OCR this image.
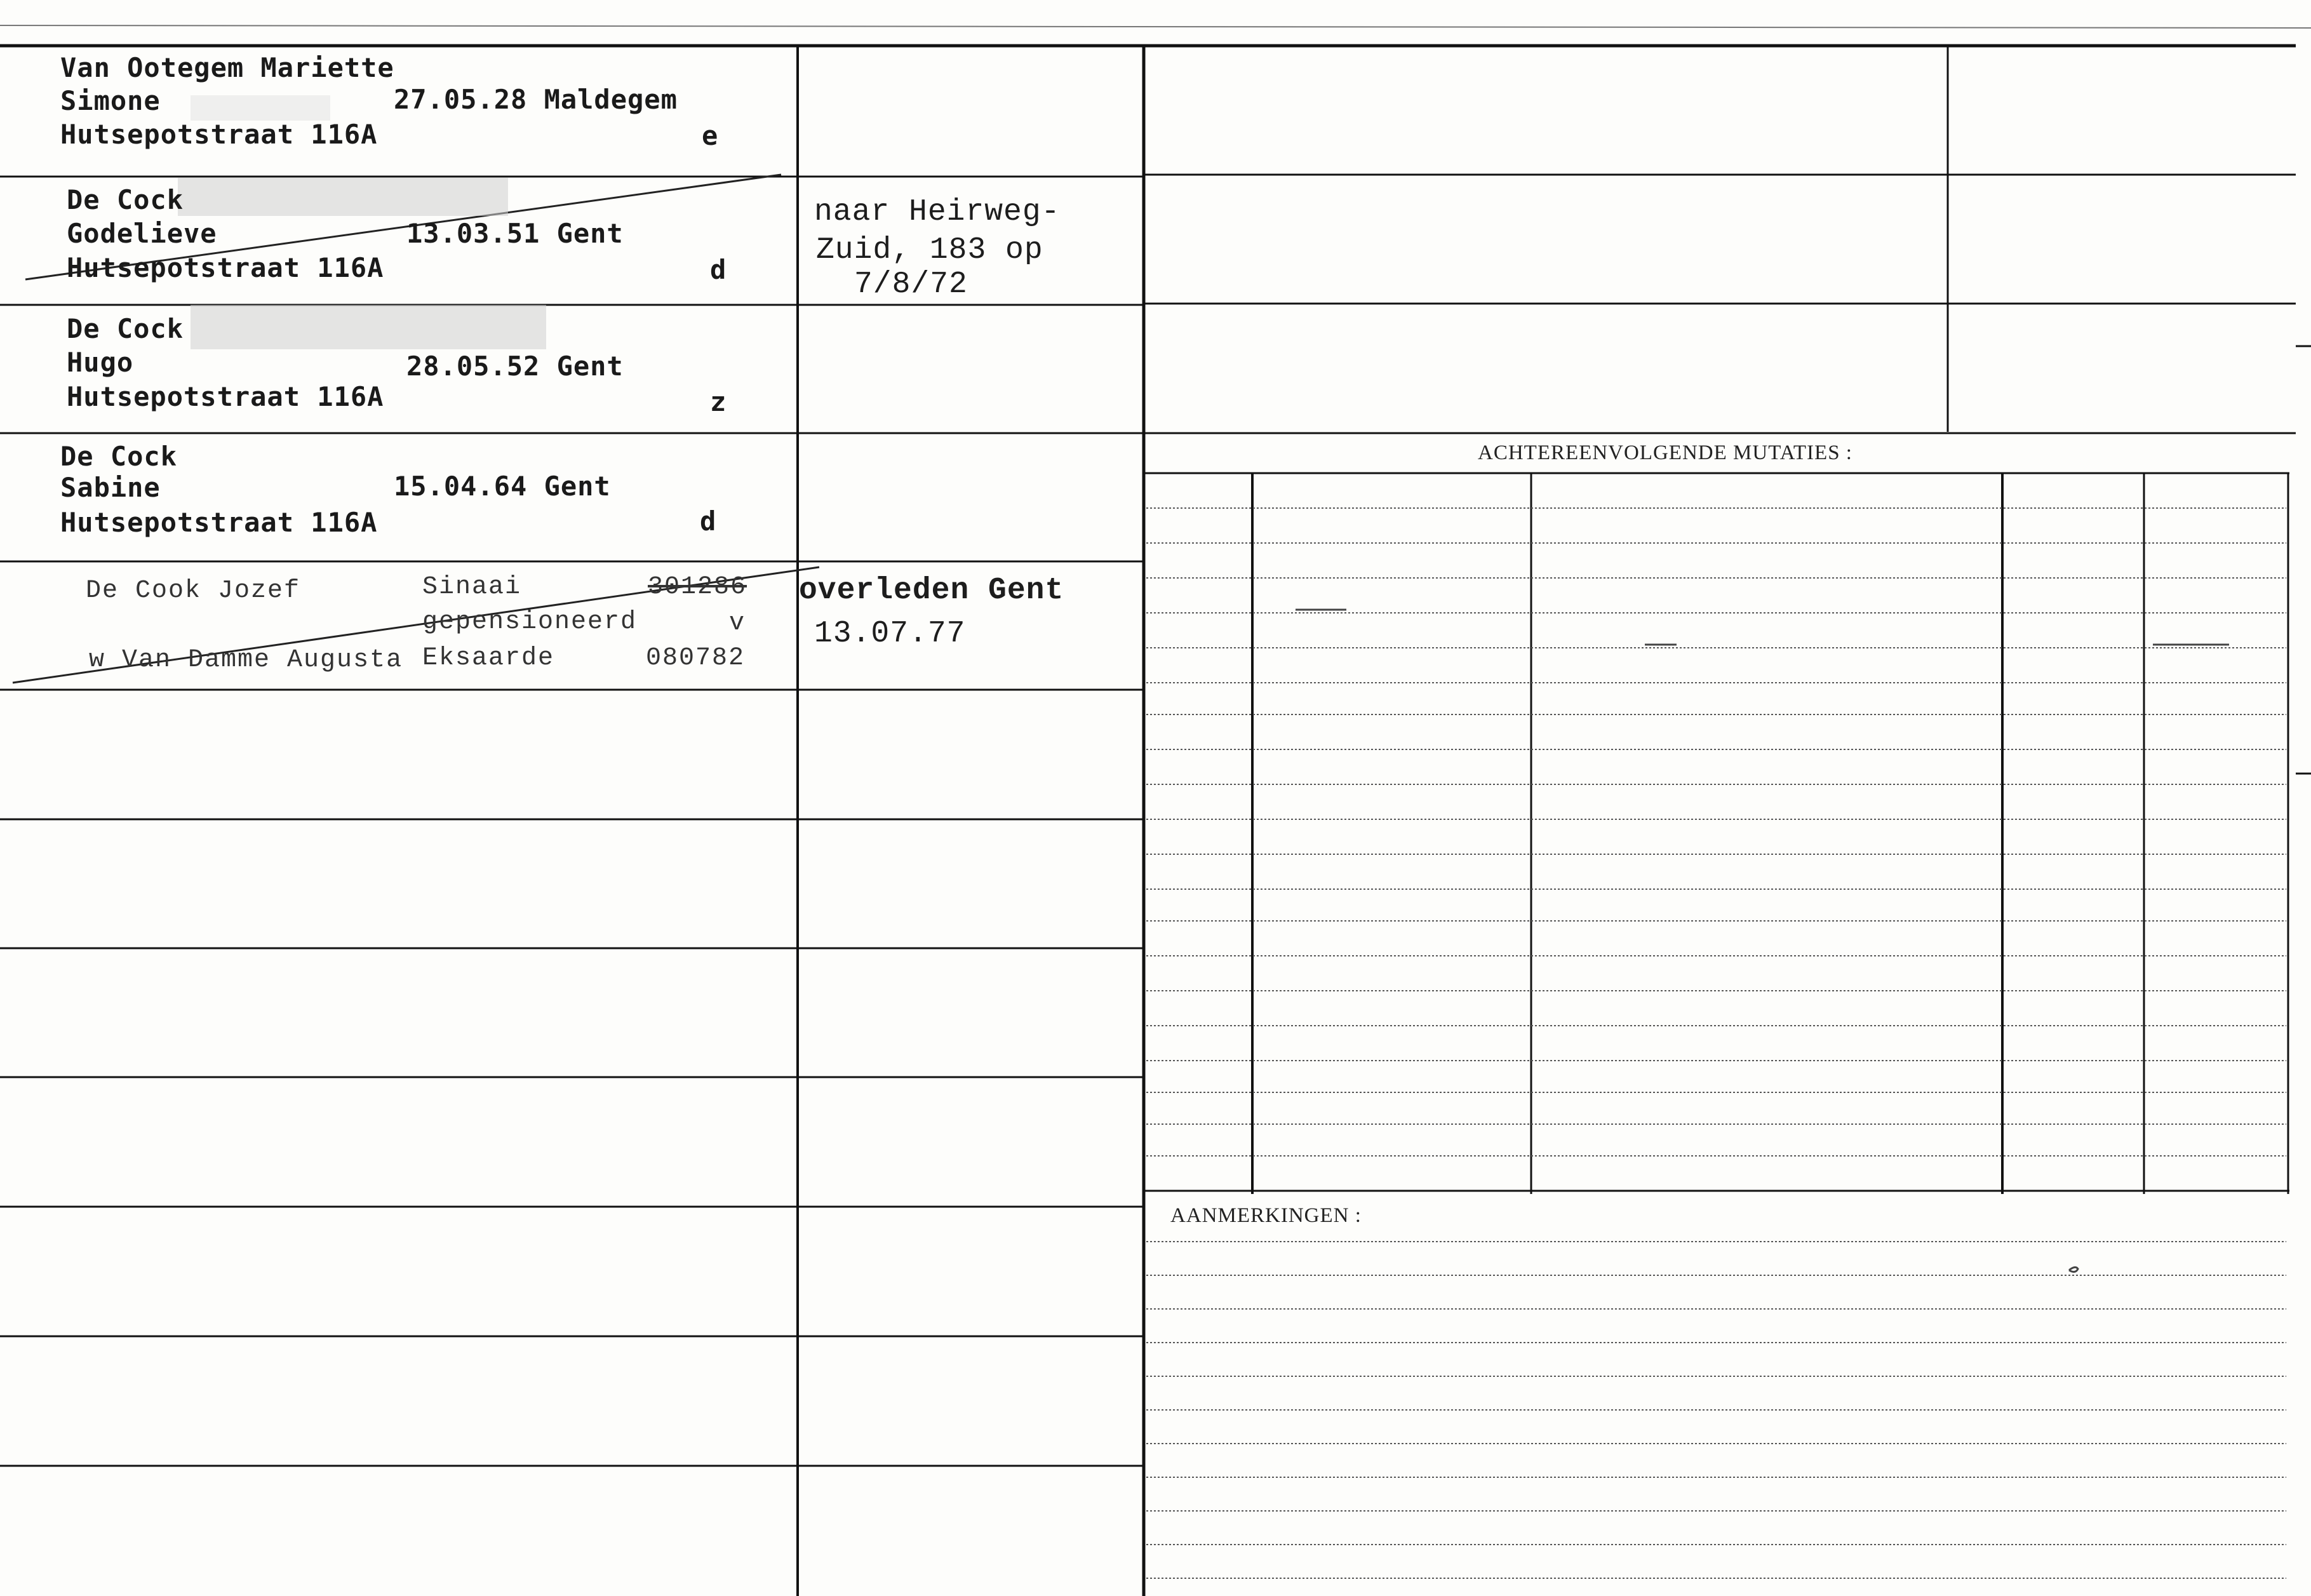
Van Ootegem Mariette
Simone
Hutsepotstraat 116A
27.05.28 Maldegem
e
De Cock
Godelieve
Hutsepotstraat 116A
13.03.51 Gent
d
De Cock
Hugo
Hutsepotstraat 116A
28.05.52 Gent
z
De Cock
Sabine
Hutsepotstraat 116A
15.04.64 Gent
d
De Cook Jozef
w Van Damme Augusta
Sinaai
gepensioneerd
Eksaarde
301286
v
080782
naar Heirweg-
Zuid, 183 op
7/8/72
overleden Gent
13.07.77
ACHTEREENVOLGENDE MUTATIES :
AANMERKINGEN :
